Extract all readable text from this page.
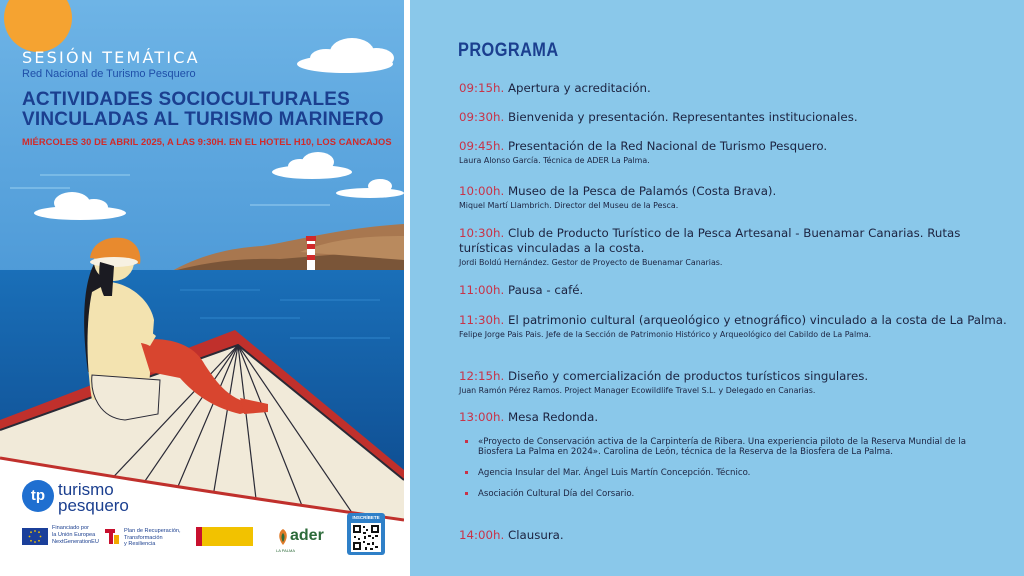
SESIÓN TEMÁTICA
Red Nacional de Turismo Pesquero
ACTIVIDADES SOCIOCULTURALES
VINCULADAS AL TURISMO MARINERO
MIÉRCOLES 30 DE ABRIL 2025, A LAS 9:30H. EN EL HOTEL H10, LOS CANCAJOS
tp turismo
pesquero
Financiado por
la Unión Europea
NextGenerationEU
Plan de Recuperación,
Transformación
y Resiliencia	ader
LA PALMA
INSCRÍBETE
PROGRAMA
09:15h. Apertura y acreditación.
09:30h. Bienvenida y presentación. Representantes institucionales.
09:45h. Presentación de la Red Nacional de Turismo Pesquero.
Laura Alonso García. Técnica de ADER La Palma.
10:00h. Museo de la Pesca de Palamós (Costa Brava).
Miquel Martí Llambrich. Director del Museu de la Pesca.
10:30h. Club de Producto Turístico de la Pesca Artesanal - Buenamar Canarias. Rutas turísticas vinculadas a la costa.
Jordi Boldú Hernández. Gestor de Proyecto de Buenamar Canarias.
11:00h. Pausa - café.
11:30h. El patrimonio cultural (arqueológico y etnográfico) vinculado a la costa de La Palma.
Felipe Jorge Pais Pais. Jefe de la Sección de Patrimonio Histórico y Arqueológico del Cabildo de La Palma.
12:15h. Diseño y comercialización de productos turísticos singulares.
Juan Ramón Pérez Ramos. Project Manager Ecowildlife Travel S.L. y Delegado en Canarias.
13:00h. Mesa Redonda.
«Proyecto de Conservación activa de la Carpintería de Ribera. Una experiencia piloto de la Reserva Mundial de la Biosfera La Palma en 2024». Carolina de León, técnica de la Reserva de la Biosfera de La Palma.
Agencia Insular del Mar. Ángel Luis Martín Concepción. Técnico.
Asociación Cultural Día del Corsario.
14:00h. Clausura.
